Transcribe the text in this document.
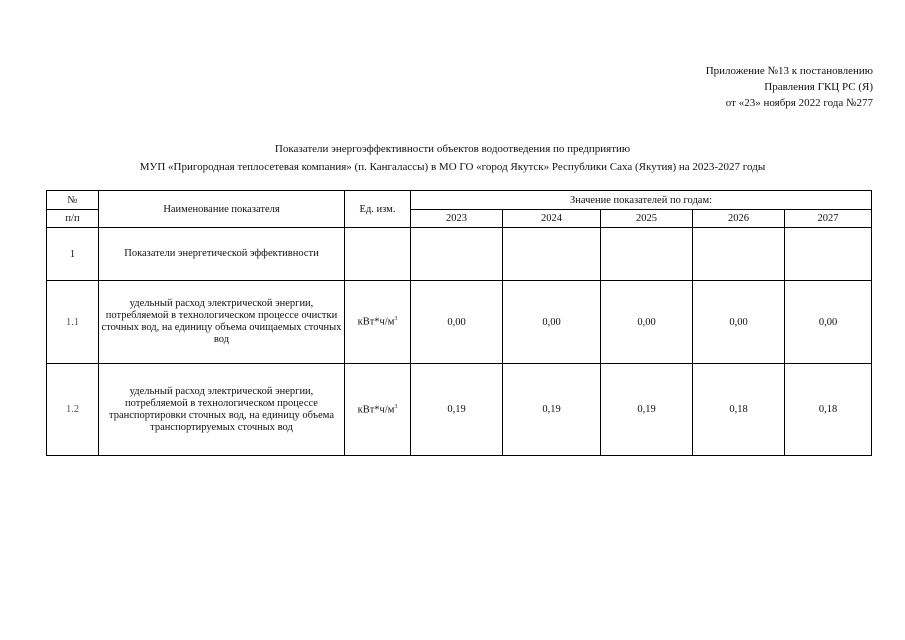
Приложение №13 к постановлению
Правления ГКЦ РС (Я)
от «23» ноября 2022 года №277
Показатели энергоэффективности объектов водоотведения по предприятию
МУП «Пригородная теплосетевая компания» (п. Кангалассы) в МО ГО «город Якутск» Республики Саха (Якутия) на 2023-2027 годы
№	Наименование показателя	Ед. изм.	Значение показателей по годам:				
п/п			2023	2024	2025	2026	2027
1	Показатели энергетической эффективности						
1.1	удельный расход электрической энергии, потребляемой в технологическом процессе очистки сточных вод, на единицу объема очищаемых сточных вод	$кВт*ч/м^3$	0,00	0,00	0,00	0,00	0,00
1.2	удельный расход электрической энергии, потребляемой в технологическом процессе транспортировки сточных вод, на единицу объема транспортируемых сточных вод	$кВт*ч/м^3$	0,19	0,19	0,19	0,18	0,18
